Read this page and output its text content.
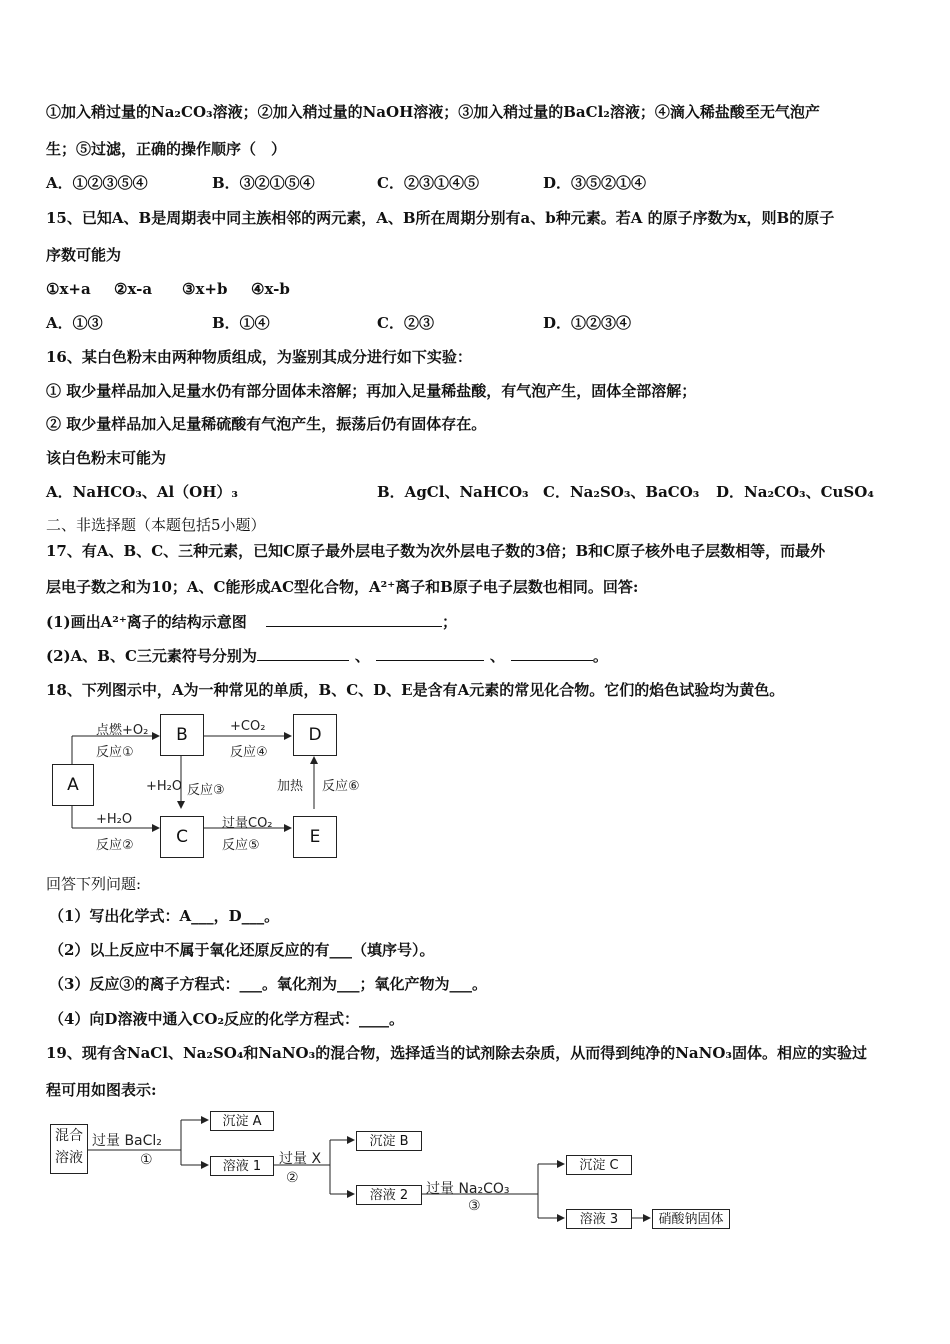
①加入稍过量的Na₂CO₃溶液；②加入稍过量的NaOH溶液；③加入稍过量的BaCl₂溶液；④滴入稀盐酸至无气泡产
生；⑤过滤，正确的操作顺序（　）
A．①②③⑤④	B．③②①⑤④	C．②③①④⑤	D．③⑤②①④
15、已知A、B是周期表中同主族相邻的两元素，A、B所在周期分别有a、b种元素。若A 的原子序数为x，则B的原子
序数可能为
①x+a ②x-a ③x+b ④x-b
A．①③	B．①④	C．②③	D．①②③④
16、某白色粉末由两种物质组成，为鉴别其成分进行如下实验：
① 取少量样品加入足量水仍有部分固体未溶解；再加入足量稀盐酸，有气泡产生，固体全部溶解；
② 取少量样品加入足量稀硫酸有气泡产生，振荡后仍有固体存在。
该白色粉末可能为
A．NaHCO₃、Al（OH）₃	B．AgCl、NaHCO₃ C．Na₂SO₃、BaCO₃ D．Na₂CO₃、CuSO₄
二、非选择题（本题包括5小题）
17、有A、B、C、三种元素，已知C原子最外层电子数为次外层电子数的3倍；B和C原子核外电子层数相等，而最外
层电子数之和为10；A、C能形成AC型化合物，A²⁺离子和B原子电子层数也相同。回答:
(1)画出A²⁺离子的结构示意图	；
(2)A、B、C三元素符号分别为	、	、	。
18、下列图示中，A为一种常见的单质，B、C、D、E是含有A元素的常见化合物。它们的焰色试验均为黄色。
A
B
C
D
E
点燃+O₂
反应①
+CO₂
反应④
+H₂O 反应③
+H₂O
反应②
过量CO₂
反应⑤
加热 反应⑥
回答下列问题:
（1）写出化学式：A___，D___。
（2）以上反应中不属于氧化还原反应的有___（填序号）。
（3）反应③的离子方程式：___。氧化剂为___；氧化产物为___。
（4）向D溶液中通入CO₂反应的化学方程式：____。
19、现有含NaCl、Na₂SO₄和NaNO₃的混合物，选择适当的试剂除去杂质，从而得到纯净的NaNO₃固体。相应的实验过
程可用如图表示:
混合溶液
过量 BaCl₂
①
沉淀 A
溶液 1	过量 X
②
沉淀 B
溶液 2	过量 Na₂CO₃
③
沉淀 C
溶液 3	硝酸钠固体
